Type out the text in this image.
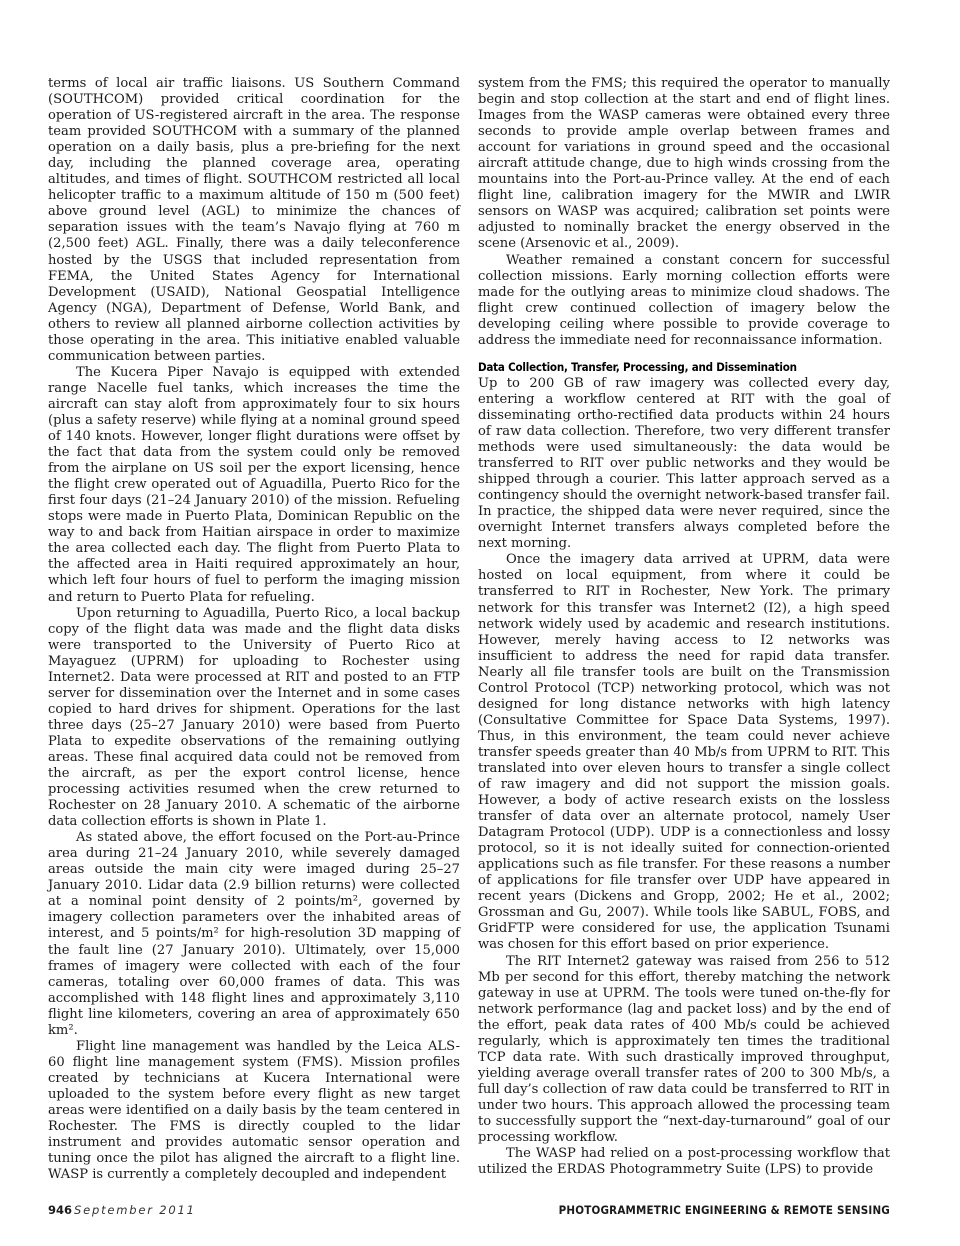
terms of local air traffic liaisons. US Southern Command (SOUTHCOM) provided critical coordination for the operation of US-registered aircraft in the area. The response team provided SOUTHCOM with a summary of the planned operation on a daily basis, plus a pre-briefing for the next day, including the planned coverage area, operating altitudes, and times of flight. SOUTHCOM restricted all local helicopter traffic to a maximum altitude of 150 m (500 feet) above ground level (AGL) to minimize the chances of separation issues with the team’s Navajo flying at 760 m (2,500 feet) AGL. Finally, there was a daily teleconference hosted by the USGS that included representation from FEMA, the United States Agency for International Development (USAID), National Geospatial Intelligence Agency (NGA), Department of Defense, World Bank, and others to review all planned airborne collection activities by those operating in the area. This initiative enabled valuable communication between parties.

The Kucera Piper Navajo is equipped with extended range Nacelle fuel tanks, which increases the time the aircraft can stay aloft from approximately four to six hours (plus a safety reserve) while flying at a nominal ground speed of 140 knots. However, longer flight durations were offset by the fact that data from the system could only be removed from the airplane on US soil per the export licensing, hence the flight crew operated out of Aguadilla, Puerto Rico for the first four days (21–24 January 2010) of the mission. Refueling stops were made in Puerto Plata, Dominican Republic on the way to and back from Haitian airspace in order to maximize the area collected each day. The flight from Puerto Plata to the affected area in Haiti required approximately an hour, which left four hours of fuel to perform the imaging mission and return to Puerto Plata for refueling.

Upon returning to Aguadilla, Puerto Rico, a local backup copy of the flight data was made and the flight data disks were transported to the University of Puerto Rico at Mayaguez (UPRM) for uploading to Rochester using Internet2. Data were processed at RIT and posted to an FTP server for dissemination over the Internet and in some cases copied to hard drives for shipment. Operations for the last three days (25–27 January 2010) were based from Puerto Plata to expedite observations of the remaining outlying areas. These final acquired data could not be removed from the aircraft, as per the export control license, hence processing activities resumed when the crew returned to Rochester on 28 January 2010. A schematic of the airborne data collection efforts is shown in Plate 1.

As stated above, the effort focused on the Port-au-Prince area during 21–24 January 2010, while severely damaged areas outside the main city were imaged during 25–27 January 2010. Lidar data (2.9 billion returns) were collected at a nominal point density of 2 points/m², governed by imagery collection parameters over the inhabited areas of interest, and 5 points/m² for high-resolution 3D mapping of the fault line (27 January 2010). Ultimately, over 15,000 frames of imagery were collected with each of the four cameras, totaling over 60,000 frames of data. This was accomplished with 148 flight lines and approximately 3,110 flight line kilometers, covering an area of approximately 650 km².

Flight line management was handled by the Leica ALS-60 flight line management system (FMS). Mission profiles created by technicians at Kucera International were uploaded to the system before every flight as new target areas were identified on a daily basis by the team centered in Rochester. The FMS is directly coupled to the lidar instrument and provides automatic sensor operation and tuning once the pilot has aligned the aircraft to a flight line. WASP is currently a completely decoupled and independent

system from the FMS; this required the operator to manually begin and stop collection at the start and end of flight lines. Images from the WASP cameras were obtained every three seconds to provide ample overlap between frames and account for variations in ground speed and the occasional aircraft attitude change, due to high winds crossing from the mountains into the Port-au-Prince valley. At the end of each flight line, calibration imagery for the MWIR and LWIR sensors on WASP was acquired; calibration set points were adjusted to nominally bracket the energy observed in the scene (Arsenovic et al., 2009).

Weather remained a constant concern for successful collection missions. Early morning collection efforts were made for the outlying areas to minimize cloud shadows. The flight crew continued collection of imagery below the developing ceiling where possible to provide coverage to address the immediate need for reconnaissance information.

Data Collection, Transfer, Processing, and Dissemination

Up to 200 GB of raw imagery was collected every day, entering a workflow centered at RIT with the goal of disseminating ortho-rectified data products within 24 hours of raw data collection. Therefore, two very different transfer methods were used simultaneously: the data would be transferred to RIT over public networks and they would be shipped through a courier. This latter approach served as a contingency should the overnight network-based transfer fail. In practice, the shipped data were never required, since the overnight Internet transfers always completed before the next morning.

Once the imagery data arrived at UPRM, data were hosted on local equipment, from where it could be transferred to RIT in Rochester, New York. The primary network for this transfer was Internet2 (I2), a high speed network widely used by academic and research institutions. However, merely having access to I2 networks was insufficient to address the need for rapid data transfer. Nearly all file transfer tools are built on the Transmission Control Protocol (TCP) networking protocol, which was not designed for long distance networks with high latency (Consultative Committee for Space Data Systems, 1997). Thus, in this environment, the team could never achieve transfer speeds greater than 40 Mb/s from UPRM to RIT. This translated into over eleven hours to transfer a single collect of raw imagery and did not support the mission goals. However, a body of active research exists on the lossless transfer of data over an alternate protocol, namely User Datagram Protocol (UDP). UDP is a connectionless and lossy protocol, so it is not ideally suited for connection-oriented applications such as file transfer. For these reasons a number of applications for file transfer over UDP have appeared in recent years (Dickens and Gropp, 2002; He et al., 2002; Grossman and Gu, 2007). While tools like SABUL, FOBS, and GridFTP were considered for use, the application Tsunami was chosen for this effort based on prior experience.

The RIT Internet2 gateway was raised from 256 to 512 Mb per second for this effort, thereby matching the network gateway in use at UPRM. The tools were tuned on-the-fly for network performance (lag and packet loss) and by the end of the effort, peak data rates of 400 Mb/s could be achieved regularly, which is approximately ten times the traditional TCP data rate. With such drastically improved throughput, yielding average overall transfer rates of 200 to 300 Mb/s, a full day’s collection of raw data could be transferred to RIT in under two hours. This approach allowed the processing team to successfully support the “next-day-turnaround” goal of our processing workflow.

The WASP had relied on a post-processing workflow that utilized the ERDAS Photogrammetry Suite (LPS) to provide

946 September 2011	PHOTOGRAMMETRIC ENGINEERING & REMOTE SENSING
